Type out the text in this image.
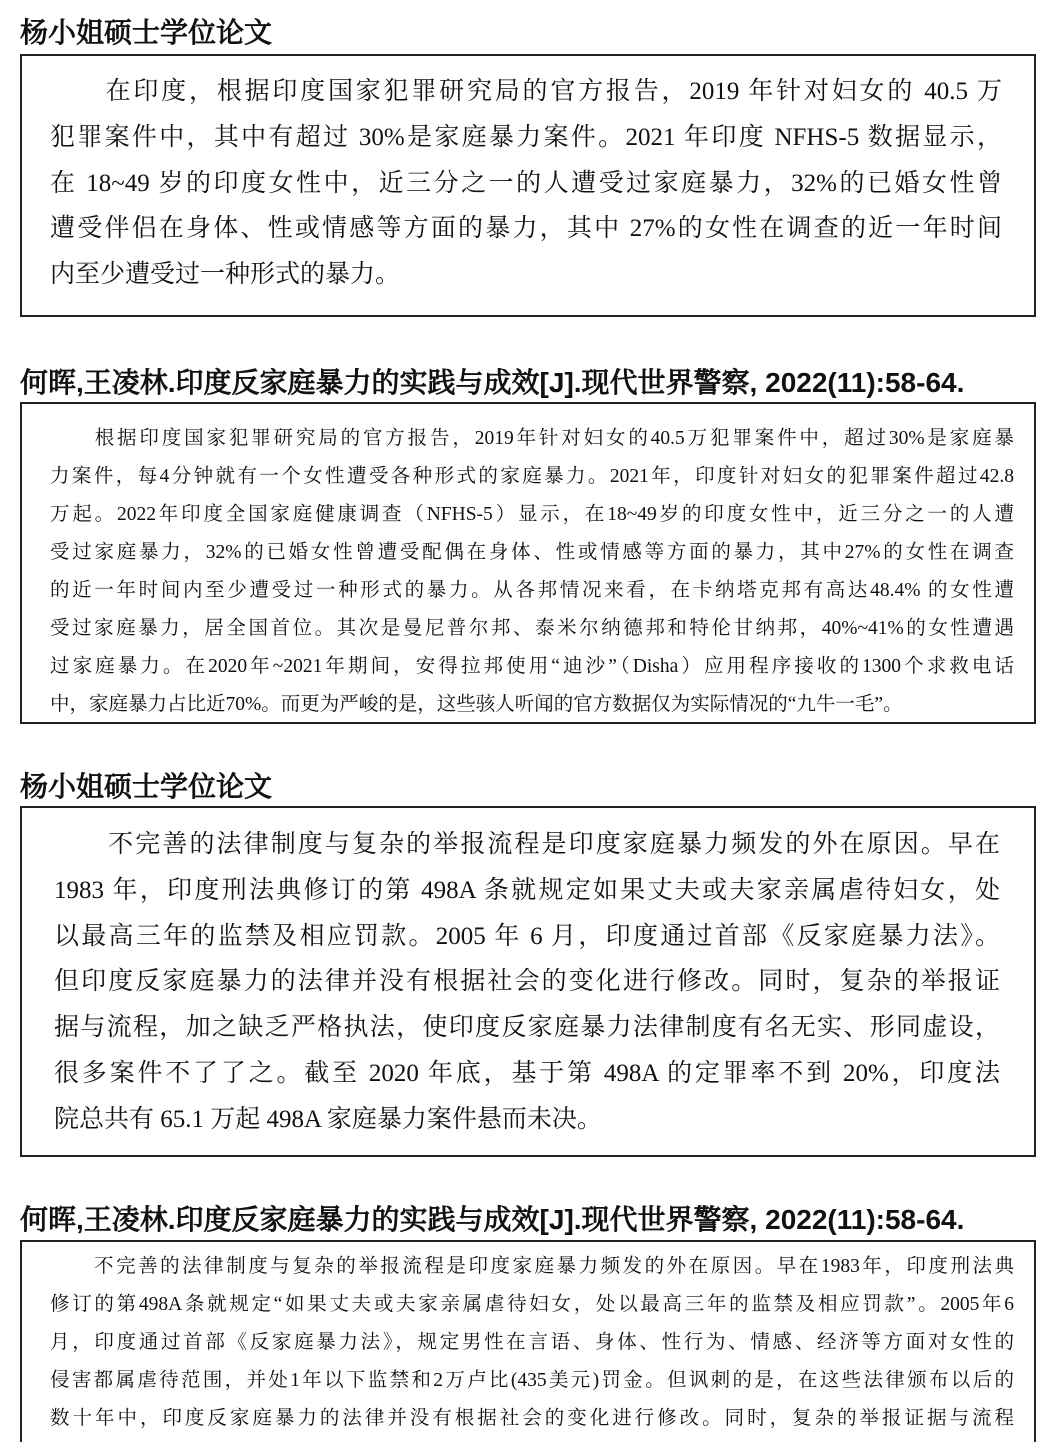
杨小姐硕士学位论文
　　在印度，根据印度国家犯罪研究局的官方报告，2019 年针对妇女的 40.5 万
犯罪案件中，其中有超过 30%是家庭暴力案件。2021 年印度 NFHS-5 数据显示，
在 18~49 岁的印度女性中，近三分之一的人遭受过家庭暴力，32%的已婚女性曾
遭受伴侣在身体、性或情感等方面的暴力，其中 27%的女性在调查的近一年时间
内至少遭受过一种形式的暴力。
何晖,王凌林.印度反家庭暴力的实践与成效[J].现代世界警察, 2022(11):58-64.
　　根据印度国家犯罪研究局的官方报告，2019年针对妇女的40.5万犯罪案件中，超过30%是家庭暴
力案件，每4分钟就有一个女性遭受各种形式的家庭暴力。2021年，印度针对妇女的犯罪案件超过42.8
万起。2022年印度全国家庭健康调查（NFHS-5）显示，在18~49岁的印度女性中，近三分之一的人遭
受过家庭暴力，32%的已婚女性曾遭受配偶在身体、性或情感等方面的暴力，其中27%的女性在调查
的近一年时间内至少遭受过一种形式的暴力。从各邦情况来看，在卡纳塔克邦有高达48.4% 的女性遭
受过家庭暴力，居全国首位。其次是曼尼普尔邦、泰米尔纳德邦和特伦甘纳邦，40%~41%的女性遭遇
过家庭暴力。在2020年~2021年期间，安得拉邦使用“迪沙”（Disha）应用程序接收的1300个求救电话
中，家庭暴力占比近70%。而更为严峻的是，这些骇人听闻的官方数据仅为实际情况的“九牛一毛”。
杨小姐硕士学位论文
　　不完善的法律制度与复杂的举报流程是印度家庭暴力频发的外在原因。早在
1983 年，印度刑法典修订的第 498A 条就规定如果丈夫或夫家亲属虐待妇女，处
以最高三年的监禁及相应罚款。2005 年 6 月，印度通过首部《反家庭暴力法》。
但印度反家庭暴力的法律并没有根据社会的变化进行修改。同时，复杂的举报证
据与流程，加之缺乏严格执法，使印度反家庭暴力法律制度有名无实、形同虚设，
很多案件不了了之。截至 2020 年底，基于第 498A 的定罪率不到 20%，印度法
院总共有 65.1 万起 498A 家庭暴力案件悬而未决。
何晖,王凌林.印度反家庭暴力的实践与成效[J].现代世界警察, 2022(11):58-64.
　　不完善的法律制度与复杂的举报流程是印度家庭暴力频发的外在原因。早在1983年，印度刑法典
修订的第498A条就规定“如果丈夫或夫家亲属虐待妇女，处以最高三年的监禁及相应罚款”。2005年6
月，印度通过首部《反家庭暴力法》，规定男性在言语、身体、性行为、情感、经济等方面对女性的
侵害都属虐待范围，并处1年以下监禁和2万卢比(435美元)罚金。但讽刺的是，在这些法律颁布以后的
数十年中，印度反家庭暴力的法律并没有根据社会的变化进行修改。同时，复杂的举报证据与流程
